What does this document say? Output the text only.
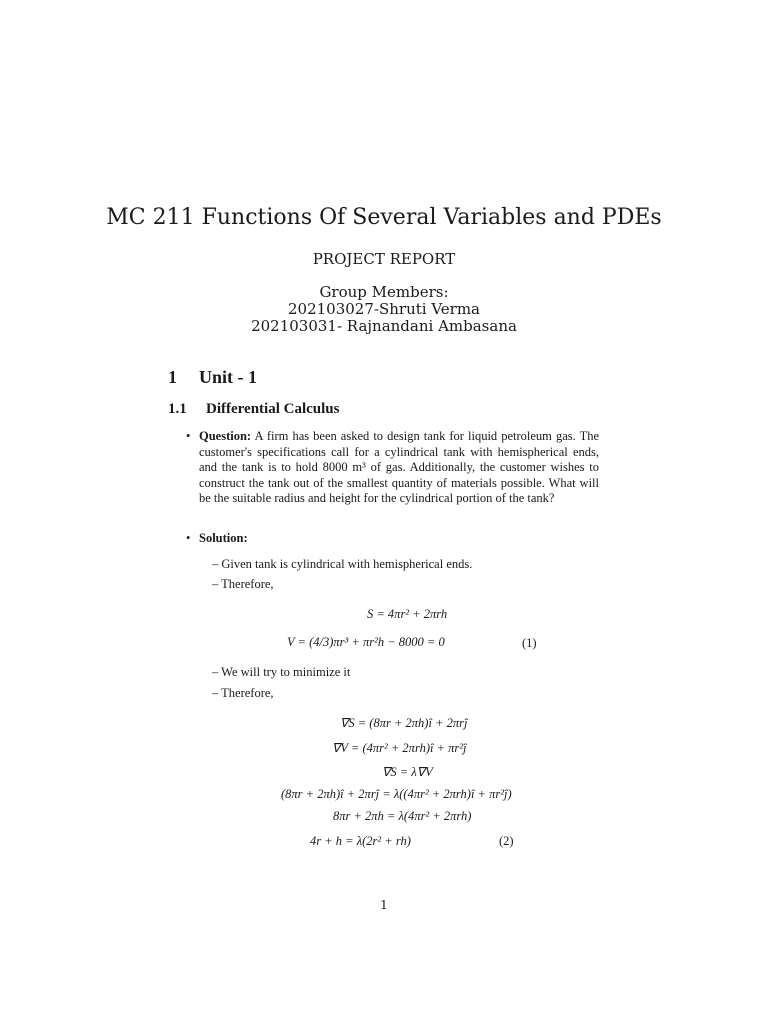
MC 211 Functions Of Several Variables and PDEs
PROJECT REPORT
Group Members:
202103027-Shruti Verma
202103031- Rajnandani Ambasana
1 Unit - 1
1.1 Differential Calculus
• Question: A firm has been asked to design tank for liquid petroleum gas. The customer's specifications call for a cylindrical tank with hemispherical ends, and the tank is to hold 8000 m³ of gas. Additionally, the customer wishes to construct the tank out of the smallest quantity of materials possible. What will be the suitable radius and height for the cylindrical portion of the tank?
• Solution:
– Given tank is cylindrical with hemispherical ends.
– Therefore,
S = 4πr² + 2πrh
V = (4/3)πr³ + πr²h − 8000 = 0	(1)
– We will try to minimize it
– Therefore,
∇S = (8πr + 2πh)î + 2πrĵ
∇V = (4πr² + 2πrh)î + πr²ĵ
∇S = λ∇V
(8πr + 2πh)î + 2πrĵ = λ((4πr² + 2πrh)î + πr²ĵ)
8πr + 2πh = λ(4πr² + 2πrh)
4r + h = λ(2r² + rh)	(2)
1
